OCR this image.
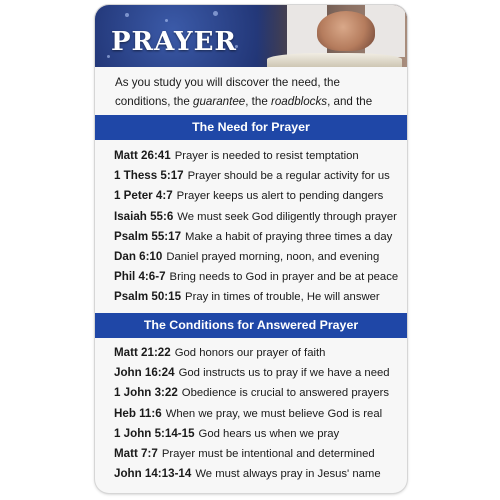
PRAYER

As you study you will discover the need, the conditions, the guarantee, the roadblocks, and the

The Need for Prayer
Matt 26:41 Prayer is needed to resist temptation
1 Thess 5:17 Prayer should be a regular activity for us
1 Peter 4:7 Prayer keeps us alert to pending dangers
Isaiah 55:6 We must seek God diligently through prayer
Psalm 55:17 Make a habit of praying three times a day
Dan 6:10 Daniel prayed morning, noon, and evening
Phil 4:6-7 Bring needs to God in prayer and be at peace
Psalm 50:15 Pray in times of trouble, He will answer
The Conditions for Answered Prayer
Matt 21:22 God honors our prayer of faith
John 16:24 God instructs us to pray if we have a need
1 John 3:22 Obedience is crucial to answered prayers
Heb 11:6 When we pray, we must believe God is real
1 John 5:14-15 God hears us when we pray
Matt 7:7 Prayer must be intentional and determined
John 14:13-14 We must always pray in Jesus' name
